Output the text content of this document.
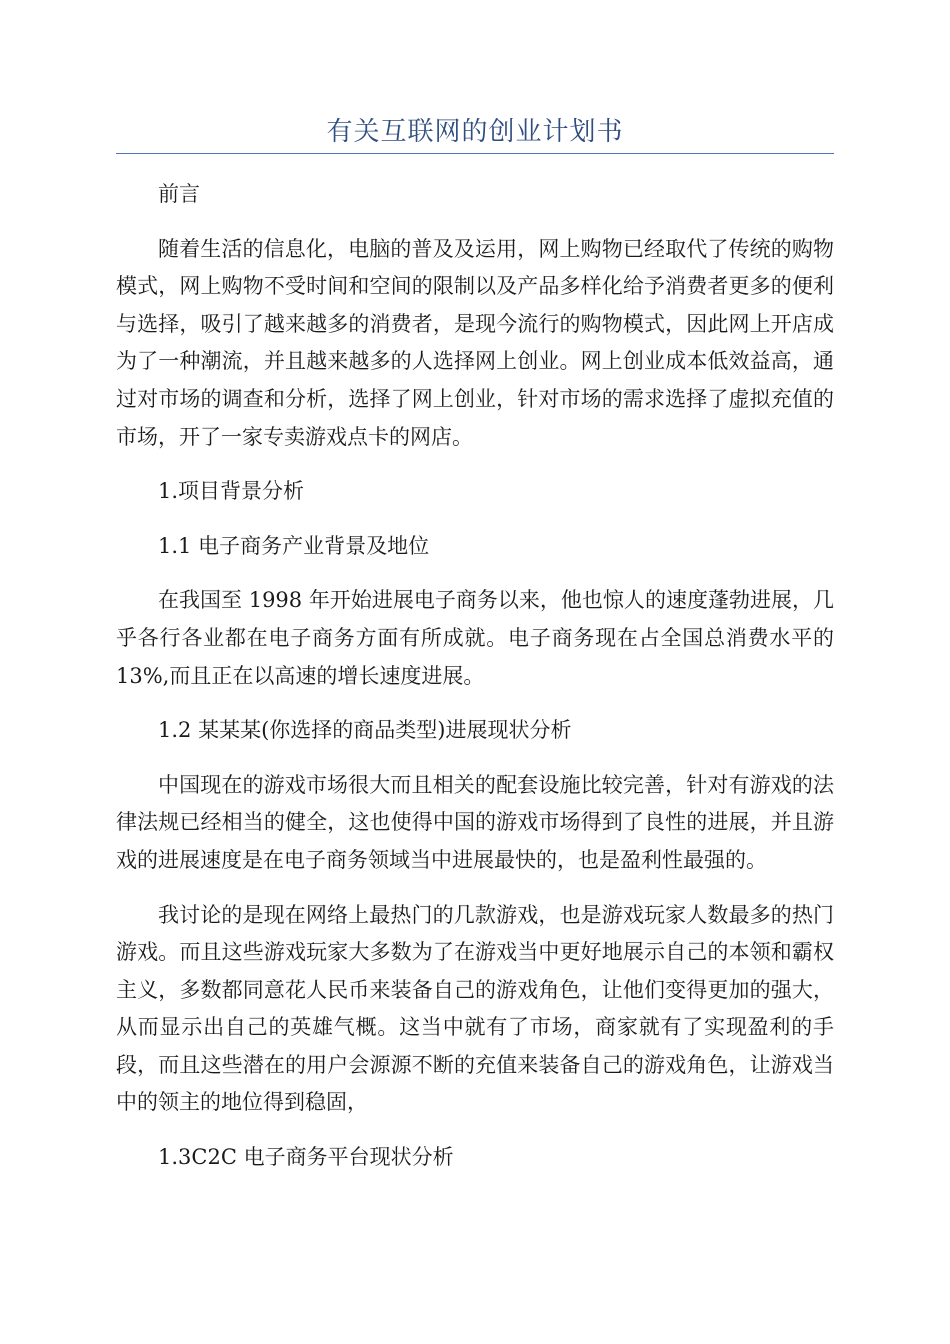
有关互联网的创业计划书

前言

随着生活的信息化，电脑的普及及运用，网上购物已经取代了传统的购物模式，网上购物不受时间和空间的限制以及产品多样化给予消费者更多的便利与选择，吸引了越来越多的消费者，是现今流行的购物模式，因此网上开店成为了一种潮流，并且越来越多的人选择网上创业。网上创业成本低效益高，通过对市场的调查和分析，选择了网上创业，针对市场的需求选择了虚拟充值的市场，开了一家专卖游戏点卡的网店。

1.项目背景分析

1.1 电子商务产业背景及地位

在我国至 1998 年开始进展电子商务以来，他也惊人的速度蓬勃进展，几乎各行各业都在电子商务方面有所成就。电子商务现在占全国总消费水平的 13%,而且正在以高速的增长速度进展。

1.2 某某某(你选择的商品类型)进展现状分析

中国现在的游戏市场很大而且相关的配套设施比较完善，针对有游戏的法律法规已经相当的健全，这也使得中国的游戏市场得到了良性的进展，并且游戏的进展速度是在电子商务领域当中进展最快的，也是盈利性最强的。

我讨论的是现在网络上最热门的几款游戏，也是游戏玩家人数最多的热门游戏。而且这些游戏玩家大多数为了在游戏当中更好地展示自己的本领和霸权主义，多数都同意花人民币来装备自己的游戏角色，让他们变得更加的强大，从而显示出自己的英雄气概。这当中就有了市场，商家就有了实现盈利的手段，而且这些潜在的用户会源源不断的充值来装备自己的游戏角色，让游戏当中的领主的地位得到稳固，

1.3C2C 电子商务平台现状分析
